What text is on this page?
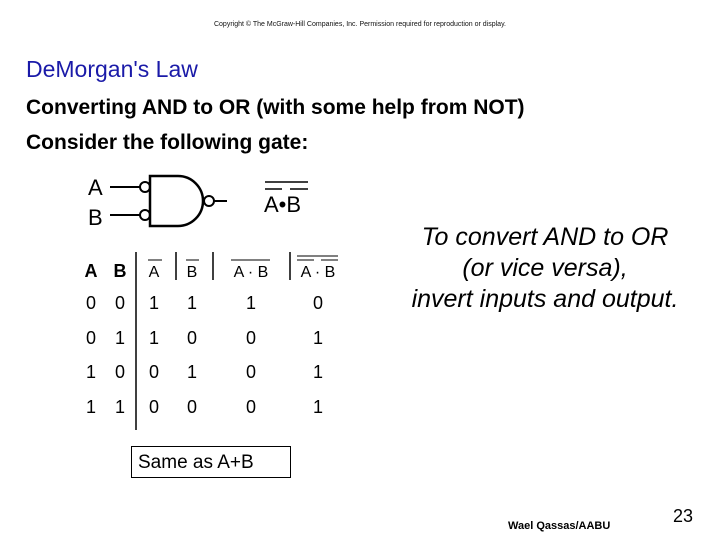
Copyright © The McGraw-Hill Companies, Inc. Permission required for reproduction or display.
DeMorgan's Law
Converting AND to OR (with some help from NOT)
Consider the following gate:
A
B
A•B
To convert AND to OR
(or vice versa),
invert inputs and output.
A B A B A · B A · B
0 0 1 1	1	0
0 1 1 0	0	1
1 0 0 1	0	1
1 1 0 0	0	1
Same as A+B
Wael Qassas/AABU	23
